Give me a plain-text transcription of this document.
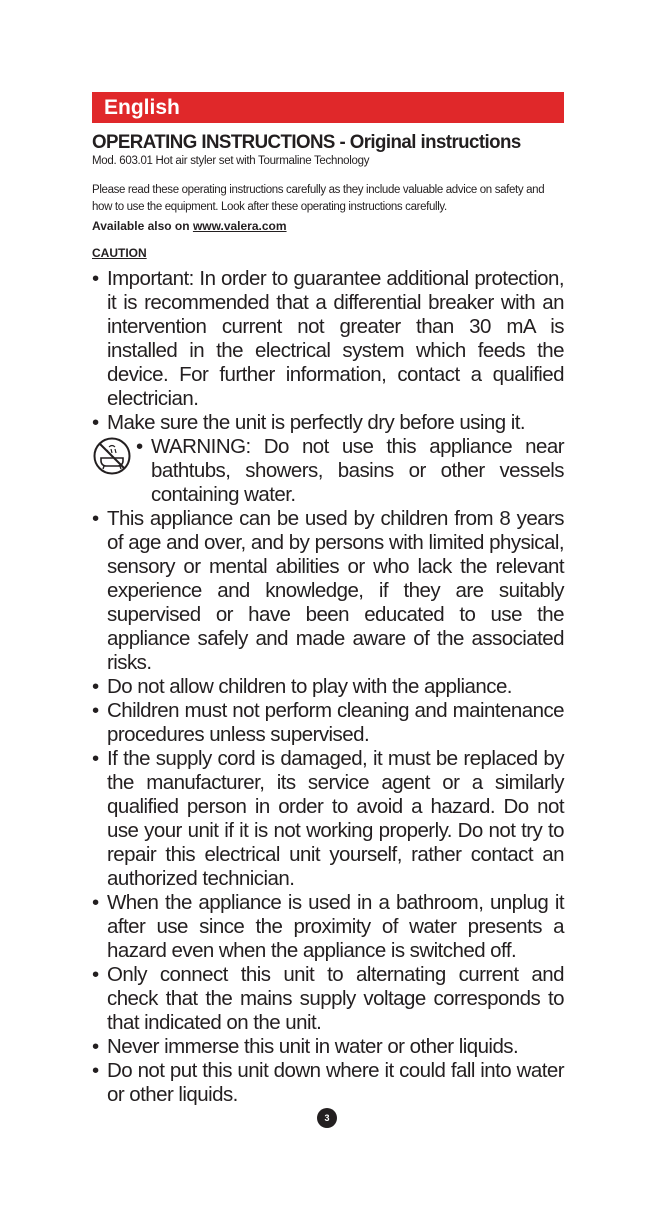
English
OPERATING INSTRUCTIONS - Original instructions
Mod. 603.01 Hot air styler set with Tourmaline Technology
Please read these operating instructions carefully as they include valuable advice on safety and how to use the equipment. Look after these operating instructions carefully.
Available also on www.valera.com
CAUTION
• Important: In order to guarantee additional protection, it is recommended that a differential breaker with an intervention current not greater than 30 mA is installed in the electrical system which feeds the device. For further information, contact a qualified electrician.
• Make sure the unit is perfectly dry before using it.
• WARNING: Do not use this appliance near bathtubs, showers, basins or other vessels containing water.
• This appliance can be used by children from 8 years of age and over, and by persons with limited physical, sensory or mental abilities or who lack the relevant experience and knowledge, if they are suitably supervised or have been educated to use the appliance safely and made aware of the associated risks.
• Do not allow children to play with the appliance.
• Children must not perform cleaning and maintenance procedures unless supervised.
• If the supply cord is damaged, it must be replaced by the manufacturer, its service agent or a similarly qualified person in order to avoid a hazard. Do not use your unit if it is not working properly. Do not try to repair this electrical unit yourself, rather contact an authorized technician.
• When the appliance is used in a bathroom, unplug it after use since the proximity of water presents a hazard even when the appliance is switched off.
• Only connect this unit to alternating current and check that the mains supply voltage corresponds to that indicated on the unit.
• Never immerse this unit in water or other liquids.
• Do not put this unit down where it could fall into water or other liquids.
3
